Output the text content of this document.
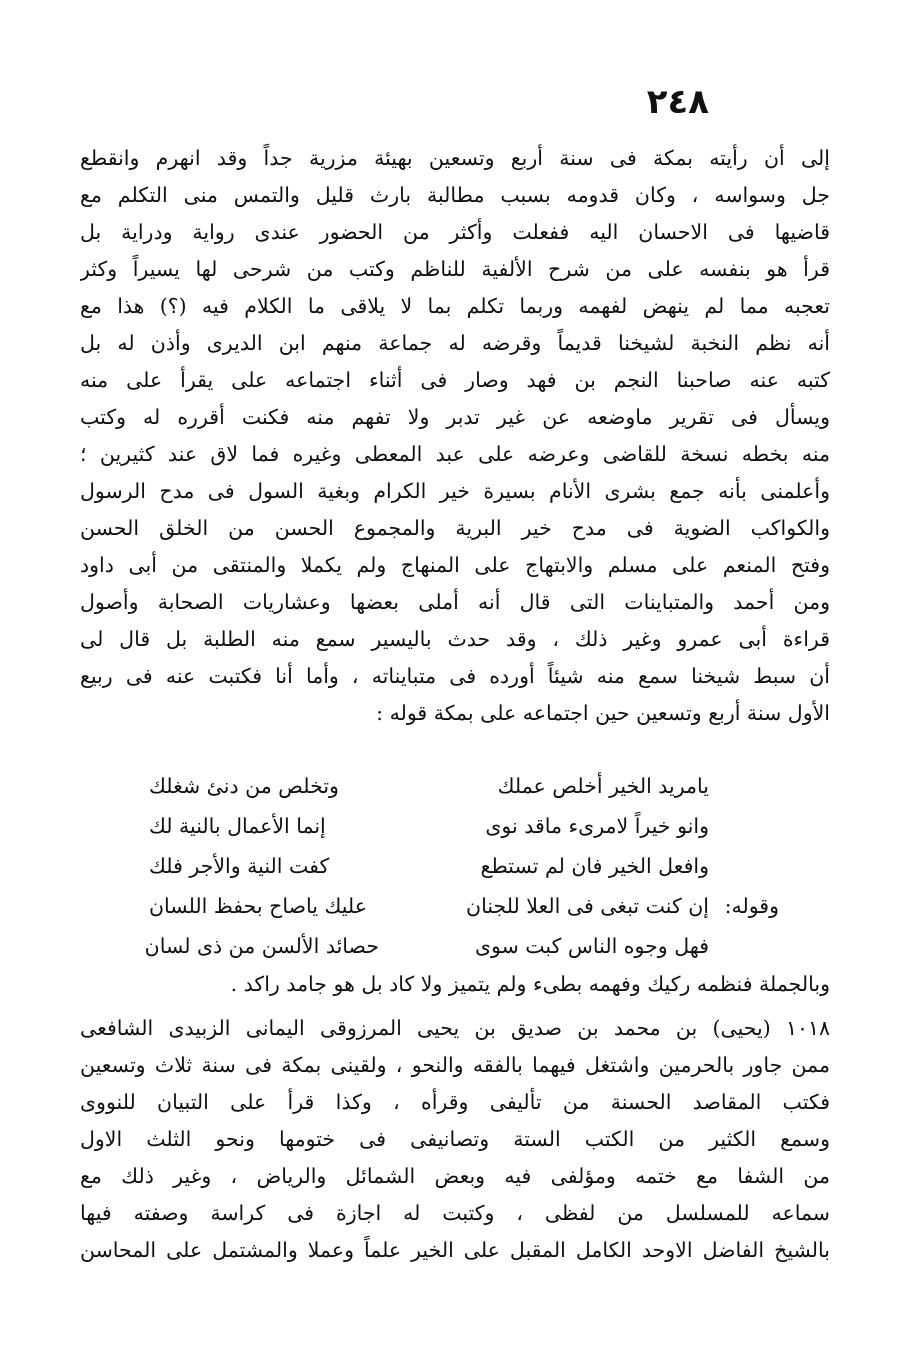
٢٤٨
إلى أن رأيته بمكة فى سنة أربع وتسعين بهيئة مزرية جداً وقد انهرم وانقطع
جل وسواسه ، وكان قدومه بسبب مطالبة بارث قليل والتمس منى التكلم مع
قاضيها فى الاحسان اليه ففعلت وأكثر من الحضور عندى رواية ودراية بل
قرأ هو بنفسه على من شرح الألفية للناظم وكتب من شرحى لها يسيراً وكثر
تعجبه مما لم ينهض لفهمه وربما تكلم بما لا يلاقى ما الكلام فيه (؟) هذا مع
أنه نظم النخبة لشيخنا قديماً وقرضه له جماعة منهم ابن الديرى وأذن له بل
كتبه عنه صاحبنا النجم بن فهد وصار فى أثناء اجتماعه على يقرأ على منه
ويسأل فى تقرير ماوضعه عن غير تدبر ولا تفهم منه فكنت أقرره له وكتب
منه بخطه نسخة للقاضى وعرضه على عبد المعطى وغيره فما لاق عند كثيرين ؛
وأعلمنى بأنه جمع بشرى الأنام بسيرة خير الكرام وبغية السول فى مدح الرسول
والكواكب الضوية فى مدح خير البرية والمجموع الحسن من الخلق الحسن
وفتح المنعم على مسلم والابتهاج على المنهاج ولم يكملا والمنتقى من أبى داود
ومن أحمد والمتباينات التى قال أنه أملى بعضها وعشاريات الصحابة وأصول
قراءة أبى عمرو وغير ذلك ، وقد حدث باليسير سمع منه الطلبة بل قال لى
أن سبط شيخنا سمع منه شيئاً أورده فى متبايناته ، وأما أنا فكتبت عنه فى ربيع
الأول سنة أربع وتسعين حين اجتماعه على بمكة قوله :
يامريد الخير أخلص عملك
وتخلص من دنئ شغلك
وانو خيراً لامرىء ماقد نوى
إنما الأعمال بالنية لك
وافعل الخير فان لم تستطع
كفت النية والأجر فلك
وقوله:
إن كنت تبغى فى العلا للجنان
عليك ياصاح بحفظ اللسان
فهل وجوه الناس كبت سوى
حصائد الألسن من ذى لسان
وبالجملة فنظمه ركيك وفهمه بطىء ولم يتميز ولا كاد بل هو جامد راكد .
١٠١٨ (يحيى) بن محمد بن صديق بن يحيى المرزوقى اليمانى الزبيدى الشافعى
ممن جاور بالحرمين واشتغل فيهما بالفقه والنحو ، ولقينى بمكة فى سنة ثلاث وتسعين
فكتب المقاصد الحسنة من تأليفى وقرأه ، وكذا قرأ على التبيان للنووى
وسمع الكثير من الكتب الستة وتصانيفى فى ختومها ونحو الثلث الاول
من الشفا مع ختمه ومؤلفى فيه وبعض الشمائل والرياض ، وغير ذلك مع
سماعه للمسلسل من لفظى ، وكتبت له اجازة فى كراسة وصفته فيها
بالشيخ الفاضل الاوحد الكامل المقبل على الخير علماً وعملا والمشتمل على المحاسن
